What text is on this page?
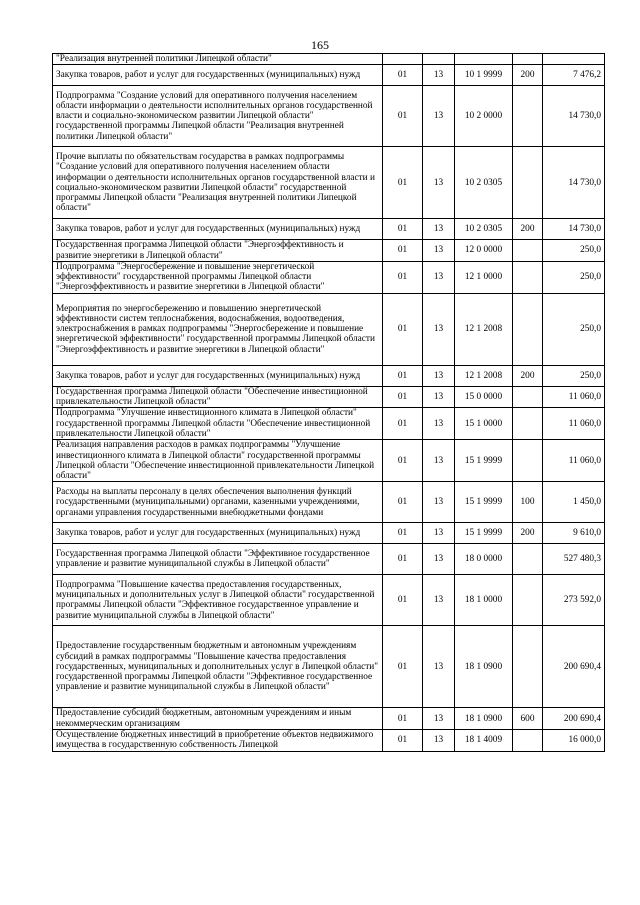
165
"Реализация внутренней политики Липецкой области"					
Закупка товаров, работ и услуг для государственных (муниципальных) нужд	01	13	10 1 9999	200	7 476,2
Подпрограмма "Создание условий для оперативного получения населением области информации о деятельности исполнительных органов государственной власти и социально-экономическом развитии Липецкой области" государственной программы Липецкой области "Реализация внутренней политики Липецкой области"	01	13	10 2 0000		14 730,0
Прочие выплаты по обязательствам государства в рамках подпрограммы "Создание условий для оперативного получения населением области информации о деятельности исполнительных органов государственной власти и социально-экономическом развитии Липецкой области" государственной программы Липецкой области "Реализация внутренней политики Липецкой области"	01	13	10 2 0305		14 730,0
Закупка товаров, работ и услуг для государственных (муниципальных) нужд	01	13	10 2 0305	200	14 730,0
Государственная программа Липецкой области "Энергоэффективность и развитие энергетики в Липецкой области"	01	13	12 0 0000		250,0
Подпрограмма "Энергосбережение и повышение энергетической эффективности" государственной программы Липецкой области "Энергоэффективность и развитие энергетики в Липецкой области"	01	13	12 1 0000		250,0
Мероприятия по энергосбережению и повышению энергетической эффективности систем теплоснабжения, водоснабжения, водоотведения, электроснабжения в рамках подпрограммы "Энергосбережение и повышение энергетической эффективности" государственной программы Липецкой области "Энергоэффективность и развитие энергетики в Липецкой области"	01	13	12 1 2008		250,0
Закупка товаров, работ и услуг для государственных (муниципальных) нужд	01	13	12 1 2008	200	250,0
Государственная программа Липецкой области "Обеспечение инвестиционной привлекательности Липецкой области"	01	13	15 0 0000		11 060,0
Подпрограмма "Улучшение инвестиционного климата в Липецкой области" государственной программы Липецкой области "Обеспечение инвестиционной привлекательности Липецкой области"	01	13	15 1 0000		11 060,0
Реализация направления расходов в рамках подпрограммы "Улучшение инвестиционного климата в Липецкой области" государственной программы Липецкой области "Обеспечение инвестиционной привлекательности Липецкой области"	01	13	15 1 9999		11 060,0
Расходы на выплаты персоналу в целях обеспечения выполнения функций государственными (муниципальными) органами, казенными учреждениями, органами управления государственными внебюджетными фондами	01	13	15 1 9999	100	1 450,0
Закупка товаров, работ и услуг для государственных (муниципальных) нужд	01	13	15 1 9999	200	9 610,0
Государственная программа Липецкой области "Эффективное государственное управление и развитие муниципальной службы в Липецкой области"	01	13	18 0 0000		527 480,3
Подпрограмма "Повышение качества предоставления государственных, муниципальных и дополнительных услуг в Липецкой области" государственной программы Липецкой области "Эффективное государственное управление и развитие муниципальной службы в Липецкой области"	01	13	18 1 0000		273 592,0
Предоставление государственным бюджетным и автономным учреждениям субсидий в рамках подпрограммы "Повышение качества предоставления государственных, муниципальных и дополнительных услуг в Липецкой области" государственной программы Липецкой области "Эффективное государственное управление и развитие муниципальной службы в Липецкой области"	01	13	18 1 0900		200 690,4
Предоставление субсидий бюджетным, автономным учреждениям и иным некоммерческим организациям	01	13	18 1 0900	600	200 690,4
Осуществление бюджетных инвестиций в приобретение объектов недвижимого имущества в государственную собственность Липецкой	01	13	18 1 4009		16 000,0
